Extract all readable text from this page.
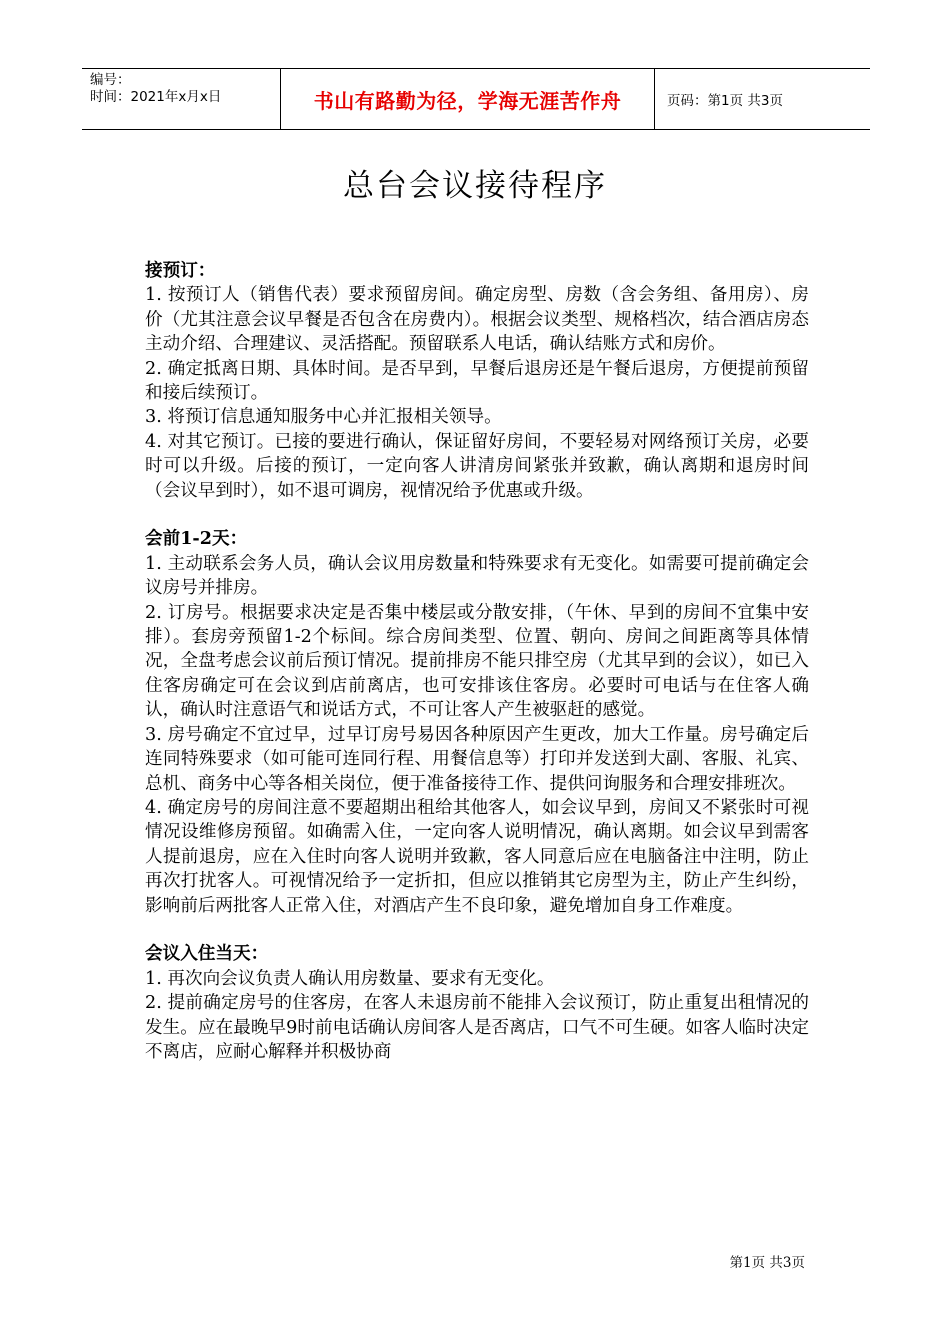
编号：
时间：2021年x月x日	书山有路勤为径，学海无涯苦作舟	页码：第1页 共3页
总台会议接待程序

接预订：

1. 按预订人（销售代表）要求预留房间。确定房型、房数（含会务组、备用房）、房价（尤其注意会议早餐是否包含在房费内）。根据会议类型、规格档次，结合酒店房态主动介绍、合理建议、灵活搭配。预留联系人电话，确认结账方式和房价。

2. 确定抵离日期、具体时间。是否早到，早餐后退房还是午餐后退房，方便提前预留和接后续预订。

3. 将预订信息通知服务中心并汇报相关领导。

4. 对其它预订。已接的要进行确认，保证留好房间，不要轻易对网络预订关房，必要时可以升级。后接的预订，一定向客人讲清房间紧张并致歉，确认离期和退房时间（会议早到时），如不退可调房，视情况给予优惠或升级。

会前1-2天：

1. 主动联系会务人员，确认会议用房数量和特殊要求有无变化。如需要可提前确定会议房号并排房。

2. 订房号。根据要求决定是否集中楼层或分散安排，（午休、早到的房间不宜集中安排）。套房旁预留1-2个标间。综合房间类型、位置、朝向、房间之间距离等具体情况，全盘考虑会议前后预订情况。提前排房不能只排空房（尤其早到的会议），如已入住客房确定可在会议到店前离店，也可安排该住客房。必要时可电话与在住客人确认，确认时注意语气和说话方式，不可让客人产生被驱赶的感觉。

3. 房号确定不宜过早，过早订房号易因各种原因产生更改，加大工作量。房号确定后连同特殊要求（如可能可连同行程、用餐信息等）打印并发送到大副、客服、礼宾、总机、商务中心等各相关岗位，便于准备接待工作、提供问询服务和合理安排班次。

4. 确定房号的房间注意不要超期出租给其他客人，如会议早到，房间又不紧张时可视情况设维修房预留。如确需入住，一定向客人说明情况，确认离期。如会议早到需客人提前退房，应在入住时向客人说明并致歉，客人同意后应在电脑备注中注明，防止再次打扰客人。可视情况给予一定折扣，但应以推销其它房型为主，防止产生纠纷，影响前后两批客人正常入住，对酒店产生不良印象，避免增加自身工作难度。

会议入住当天：

1. 再次向会议负责人确认用房数量、要求有无变化。

2. 提前确定房号的住客房，在客人未退房前不能排入会议预订，防止重复出租情况的发生。应在最晚早9时前电话确认房间客人是否离店，口气不可生硬。如客人临时决定不离店，应耐心解释并积极协商

第1页 共3页
